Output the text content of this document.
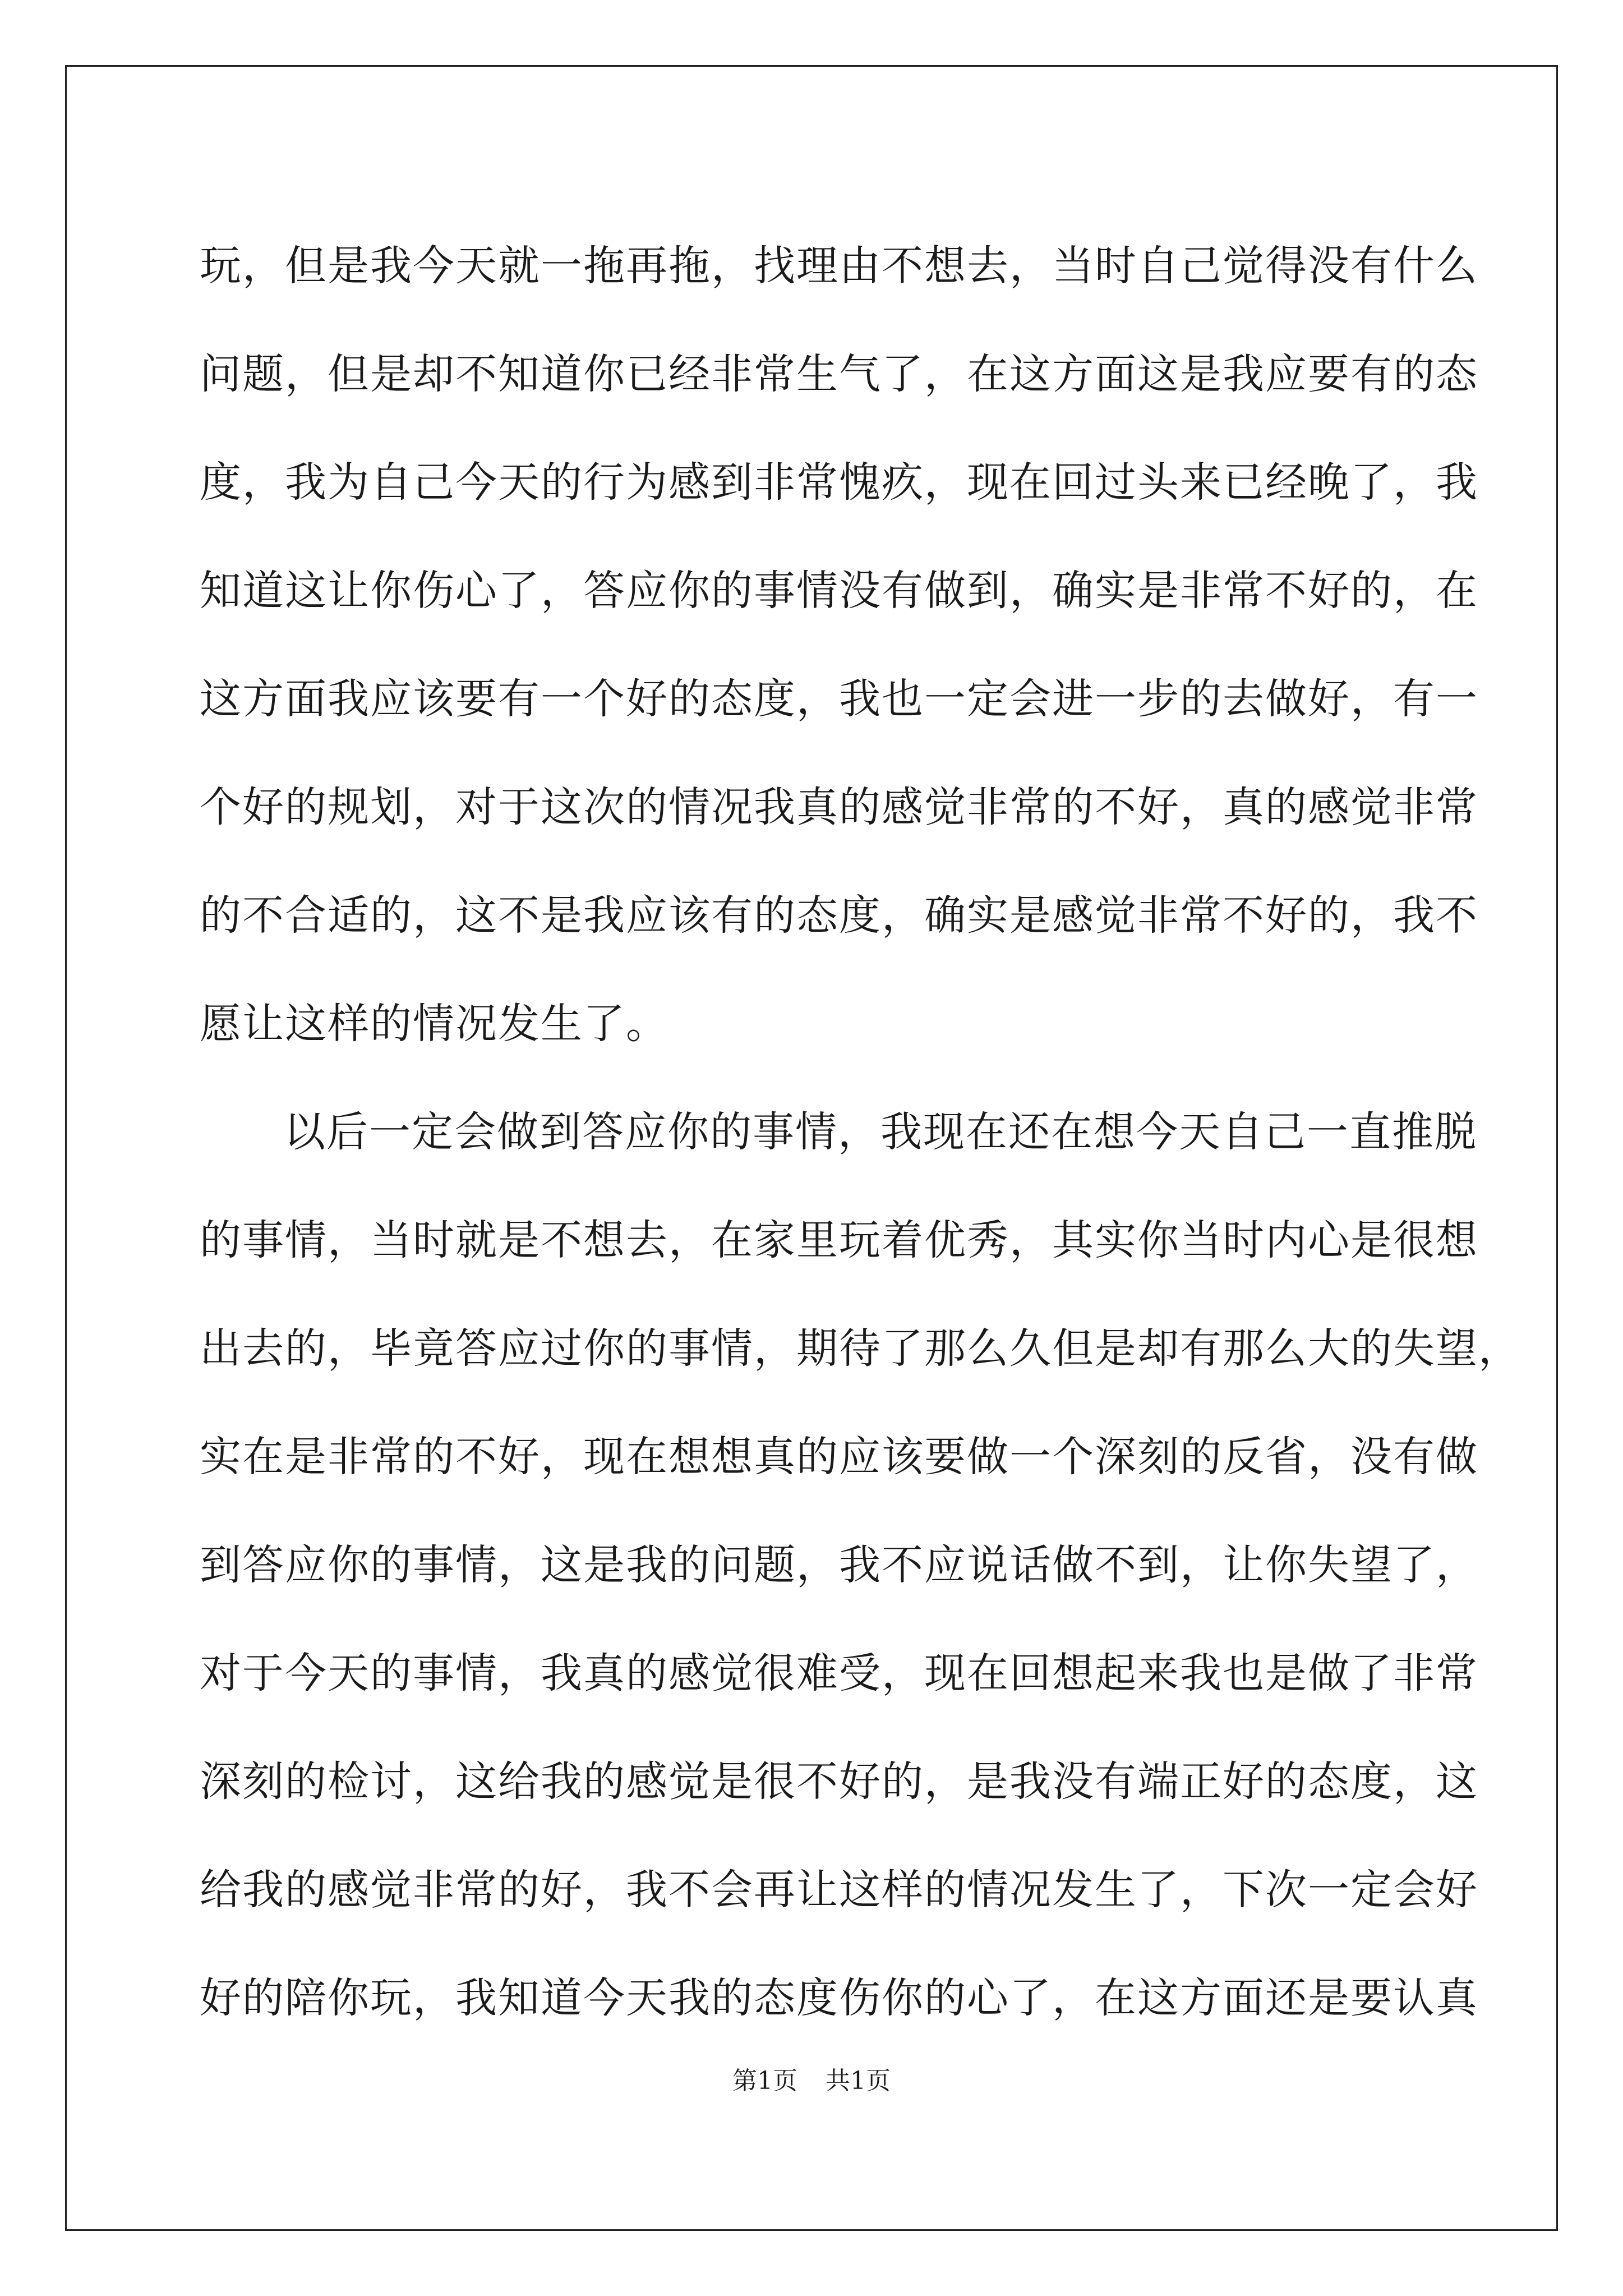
玩，但是我今天就一拖再拖，找理由不想去，当时自己觉得没有什么
问题，但是却不知道你已经非常生气了，在这方面这是我应要有的态
度，我为自己今天的行为感到非常愧疚，现在回过头来已经晚了，我
知道这让你伤心了，答应你的事情没有做到，确实是非常不好的，在
这方面我应该要有一个好的态度，我也一定会进一步的去做好，有一
个好的规划，对于这次的情况我真的感觉非常的不好，真的感觉非常
的不合适的，这不是我应该有的态度，确实是感觉非常不好的，我不
愿让这样的情况发生了。
以后一定会做到答应你的事情，我现在还在想今天自己一直推脱
的事情，当时就是不想去，在家里玩着优秀，其实你当时内心是很想
出去的，毕竟答应过你的事情，期待了那么久但是却有那么大的失望，
实在是非常的不好，现在想想真的应该要做一个深刻的反省，没有做
到答应你的事情，这是我的问题，我不应说话做不到，让你失望了，
对于今天的事情，我真的感觉很难受，现在回想起来我也是做了非常
深刻的检讨，这给我的感觉是很不好的，是我没有端正好的态度，这
给我的感觉非常的好，我不会再让这样的情况发生了，下次一定会好
好的陪你玩，我知道今天我的态度伤你的心了，在这方面还是要认真
第1页 共1页
